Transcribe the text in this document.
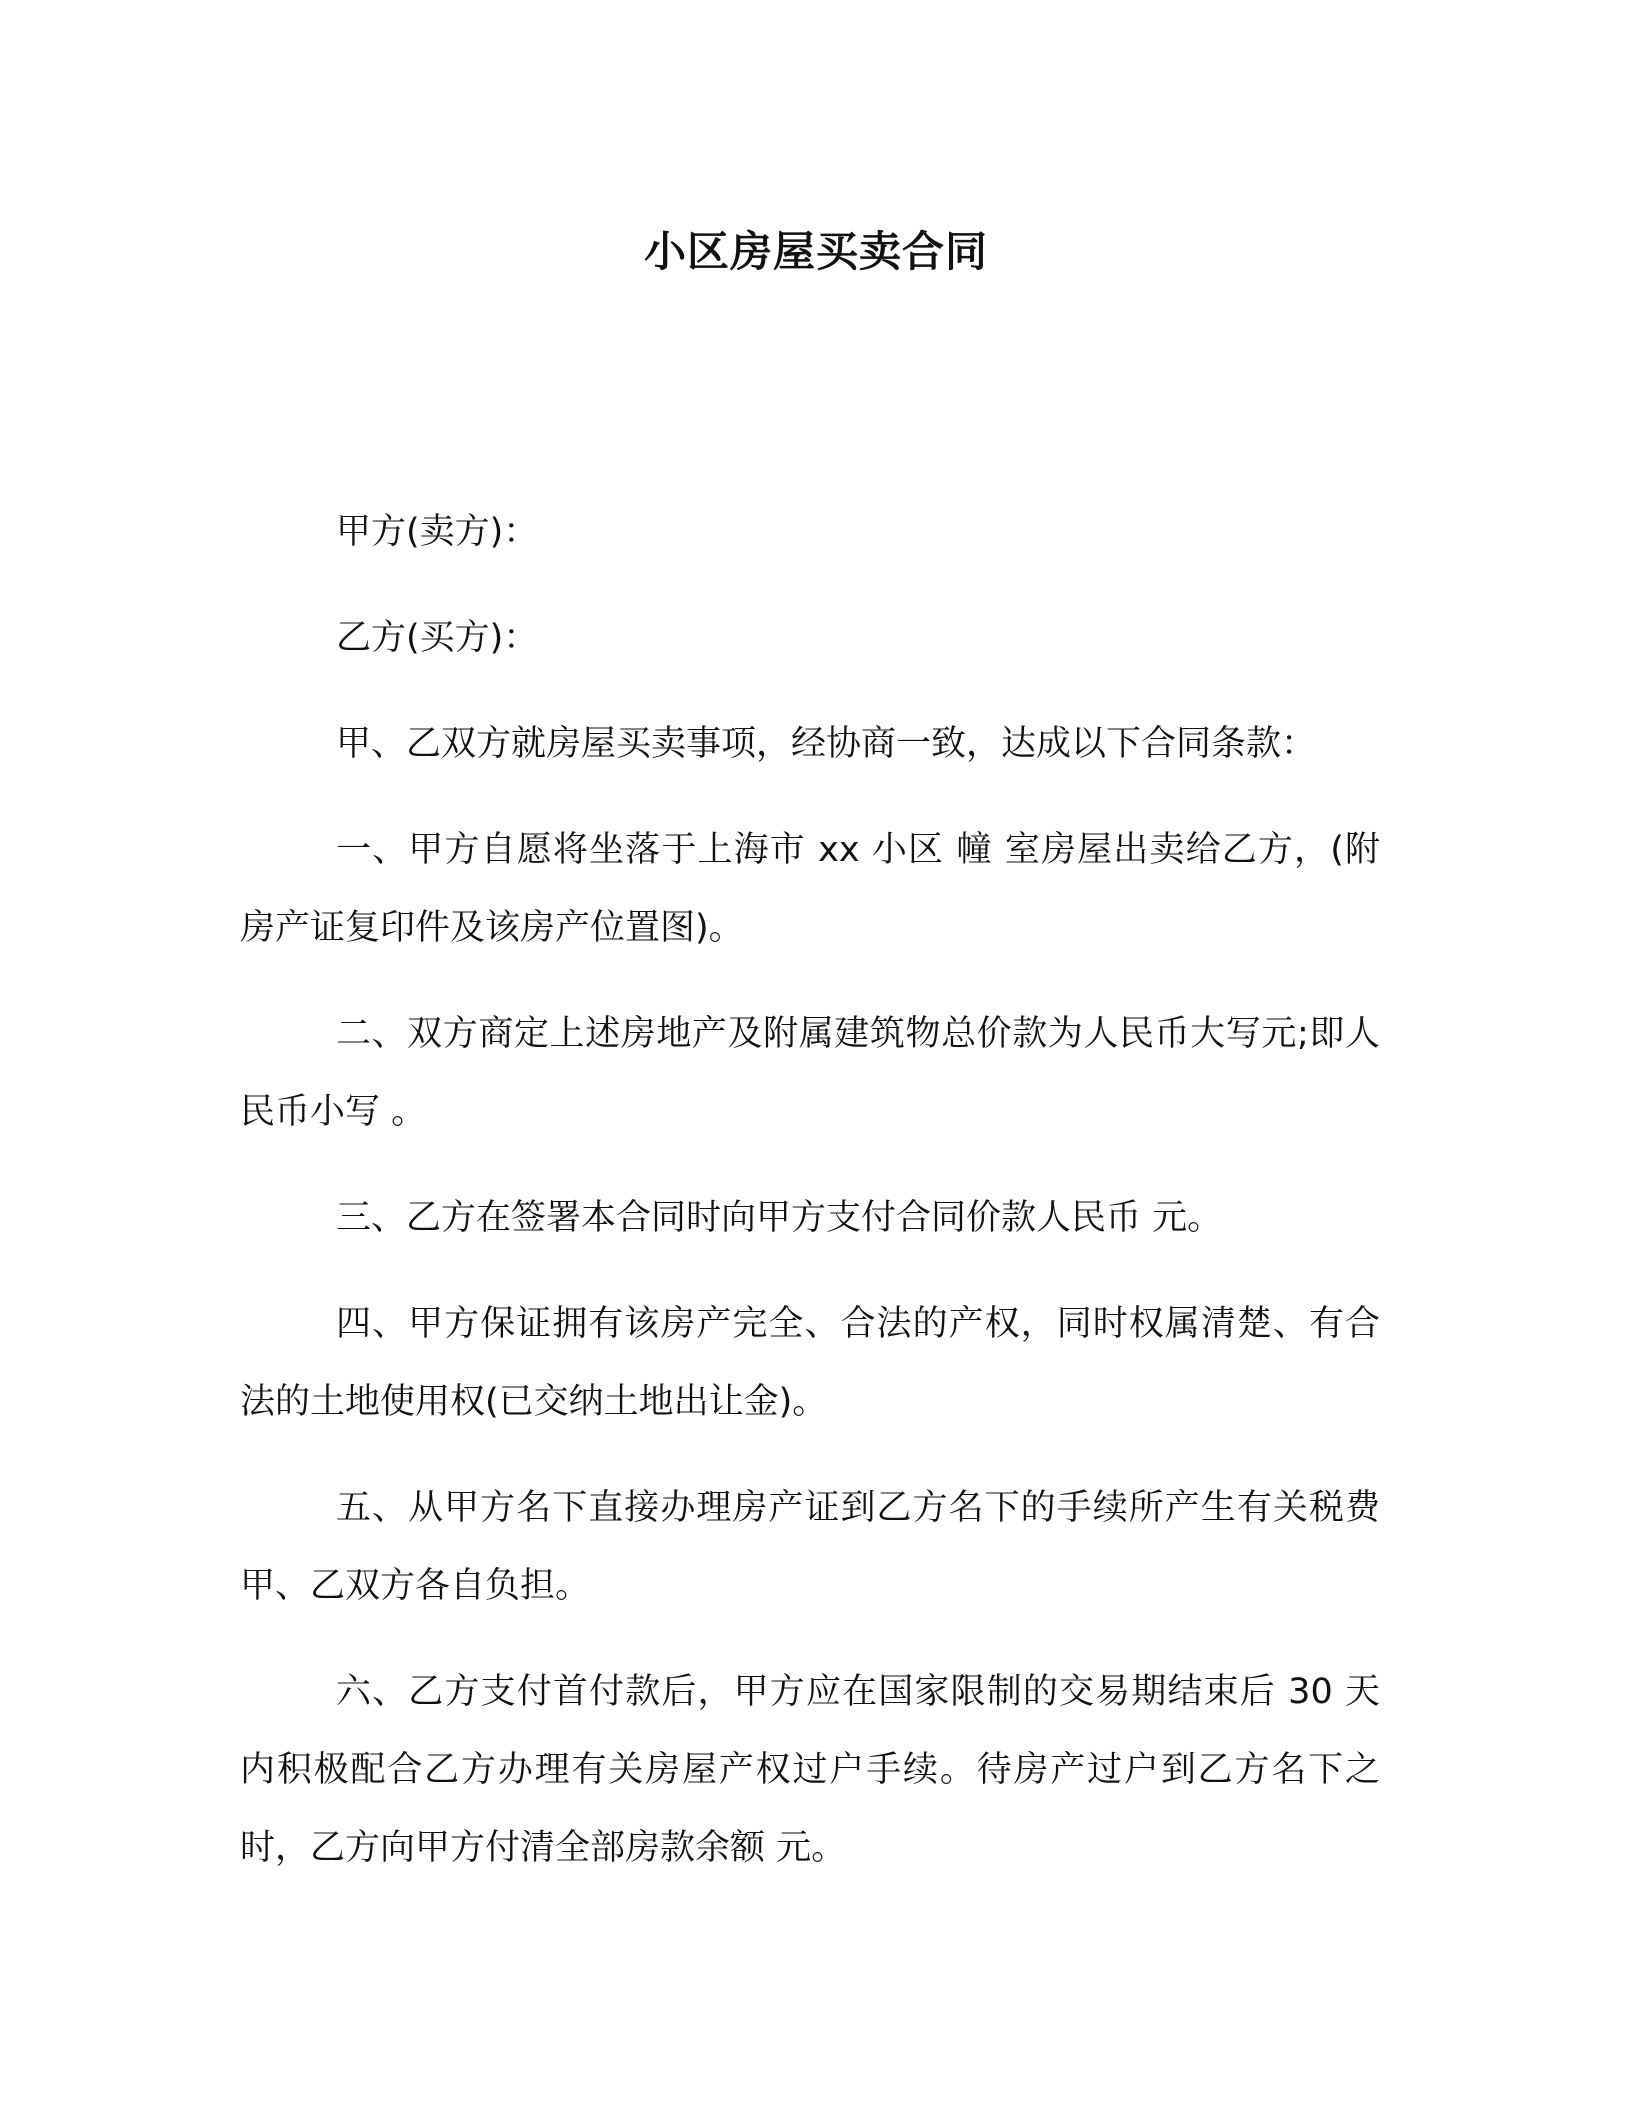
小区房屋买卖合同

甲方(卖方)：

乙方(买方)：

甲、乙双方就房屋买卖事项，经协商一致，达成以下合同条款：

一、甲方自愿将坐落于上海市 xx 小区 幢 室房屋出卖给乙方，(附房产证复印件及该房产位置图)。

二、双方商定上述房地产及附属建筑物总价款为人民币大写元;即人民币小写 。

三、乙方在签署本合同时向甲方支付合同价款人民币 元。

四、甲方保证拥有该房产完全、合法的产权，同时权属清楚、有合法的土地使用权(已交纳土地出让金)。

五、从甲方名下直接办理房产证到乙方名下的手续所产生有关税费甲、乙双方各自负担。

六、乙方支付首付款后，甲方应在国家限制的交易期结束后 30 天内积极配合乙方办理有关房屋产权过户手续。待房产过户到乙方名下之时，乙方向甲方付清全部房款余额 元。
